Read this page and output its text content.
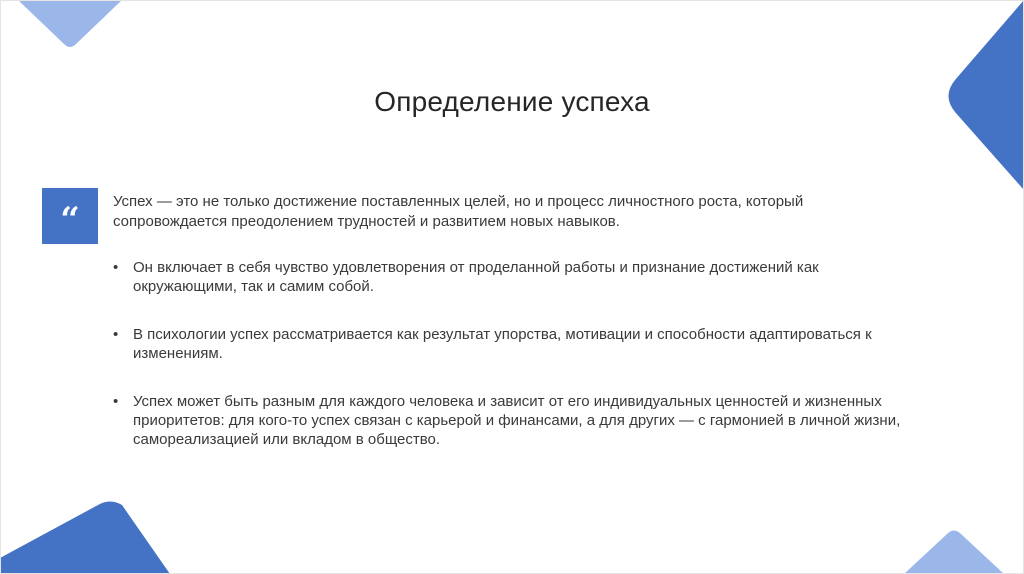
Определение успеха
“ Успех — это не только достижение поставленных целей, но и процесс личностного роста, который сопровождается преодолением трудностей и развитием новых навыков.

• Он включает в себя чувство удовлетворения от проделанной работы и признание достижений как окружающими, так и самим собой.
• В психологии успех рассматривается как результат упорства, мотивации и способности адаптироваться к изменениям.
• Успех может быть разным для каждого человека и зависит от его индивидуальных ценностей и жизненных приоритетов: для кого-то успех связан с карьерой и финансами, а для других — с гармонией в личной жизни, самореализацией или вкладом в общество.
